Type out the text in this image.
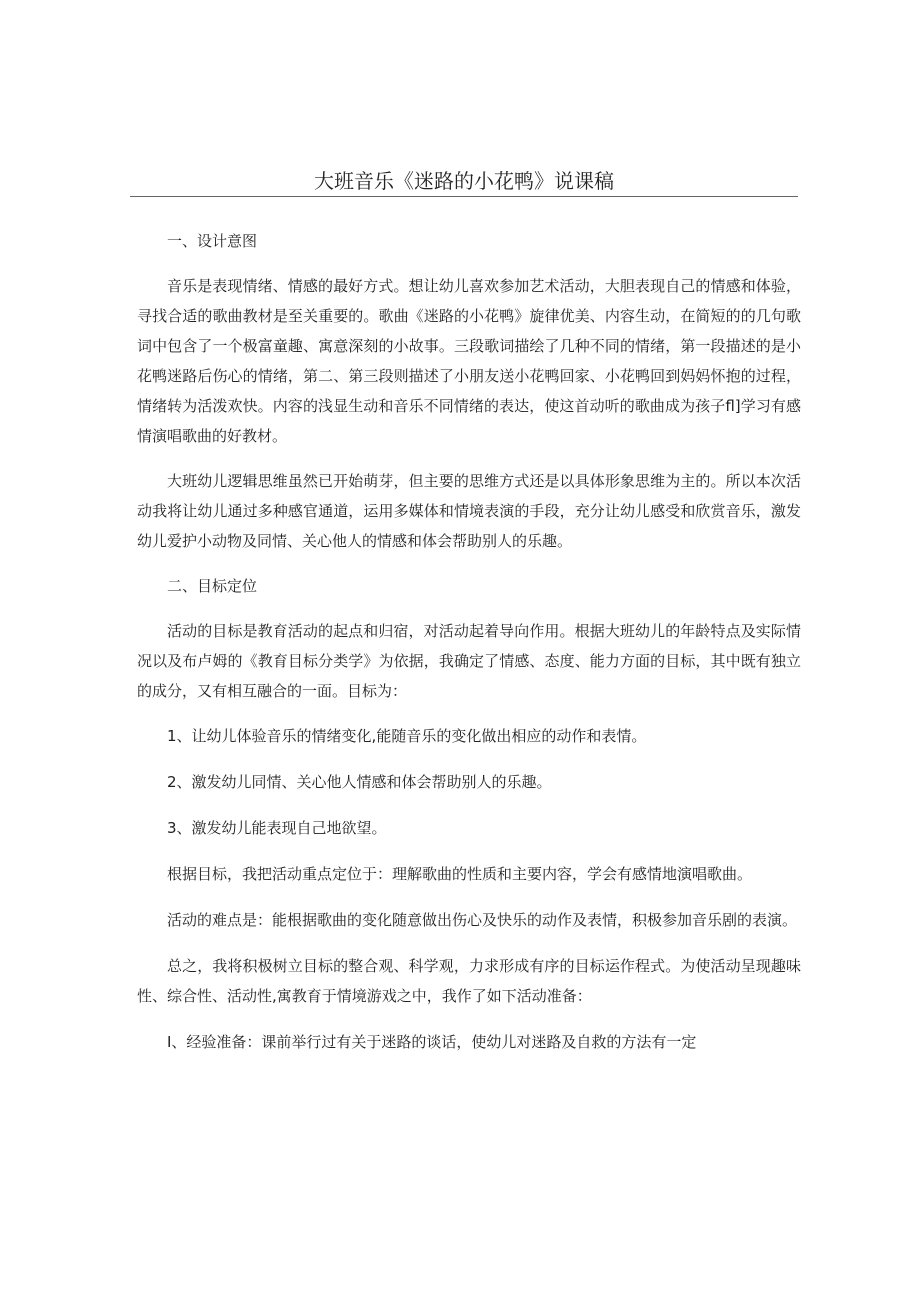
大班音乐《迷路的小花鸭》说课稿

一、设计意图

音乐是表现情绪、情感的最好方式。想让幼儿喜欢参加艺术活动，大胆表现自己的情感和体验，寻找合适的歌曲教材是至关重要的。歌曲《迷路的小花鸭》旋律优美、内容生动，在简短的的几句歌词中包含了一个极富童趣、寓意深刻的小故事。三段歌词描绘了几种不同的情绪，第一段描述的是小花鸭迷路后伤心的情绪，第二、第三段则描述了小朋友送小花鸭回家、小花鸭回到妈妈怀抱的过程，情绪转为活泼欢快。内容的浅显生动和音乐不同情绪的表达，使这首动听的歌曲成为孩子fl]学习有感情演唱歌曲的好教材。

大班幼儿逻辑思维虽然已开始萌芽，但主要的思维方式还是以具体形象思维为主的。所以本次活动我将让幼儿通过多种感官通道，运用多媒体和情境表演的手段，充分让幼儿感受和欣赏音乐，激发幼儿爱护小动物及同情、关心他人的情感和体会帮助别人的乐趣。

二、目标定位

活动的目标是教育活动的起点和归宿，对活动起着导向作用。根据大班幼儿的年龄特点及实际情况以及布卢姆的《教育目标分类学》为依据，我确定了情感、态度、能力方面的目标，其中既有独立的成分，又有相互融合的一面。目标为：

1、让幼儿体验音乐的情绪变化,能随音乐的变化做出相应的动作和表情。

2、激发幼儿同情、关心他人情感和体会帮助别人的乐趣。

3、激发幼儿能表现自己地欲望。

根据目标，我把活动重点定位于：理解歌曲的性质和主要内容，学会有感情地演唱歌曲。

活动的难点是：能根据歌曲的变化随意做出伤心及快乐的动作及表情，积极参加音乐剧的表演。

总之，我将积极树立目标的整合观、科学观，力求形成有序的目标运作程式。为使活动呈现趣味性、综合性、活动性,寓教育于情境游戏之中，我作了如下活动准备：

I、经验准备：课前举行过有关于迷路的谈话，使幼儿对迷路及自救的方法有一定
